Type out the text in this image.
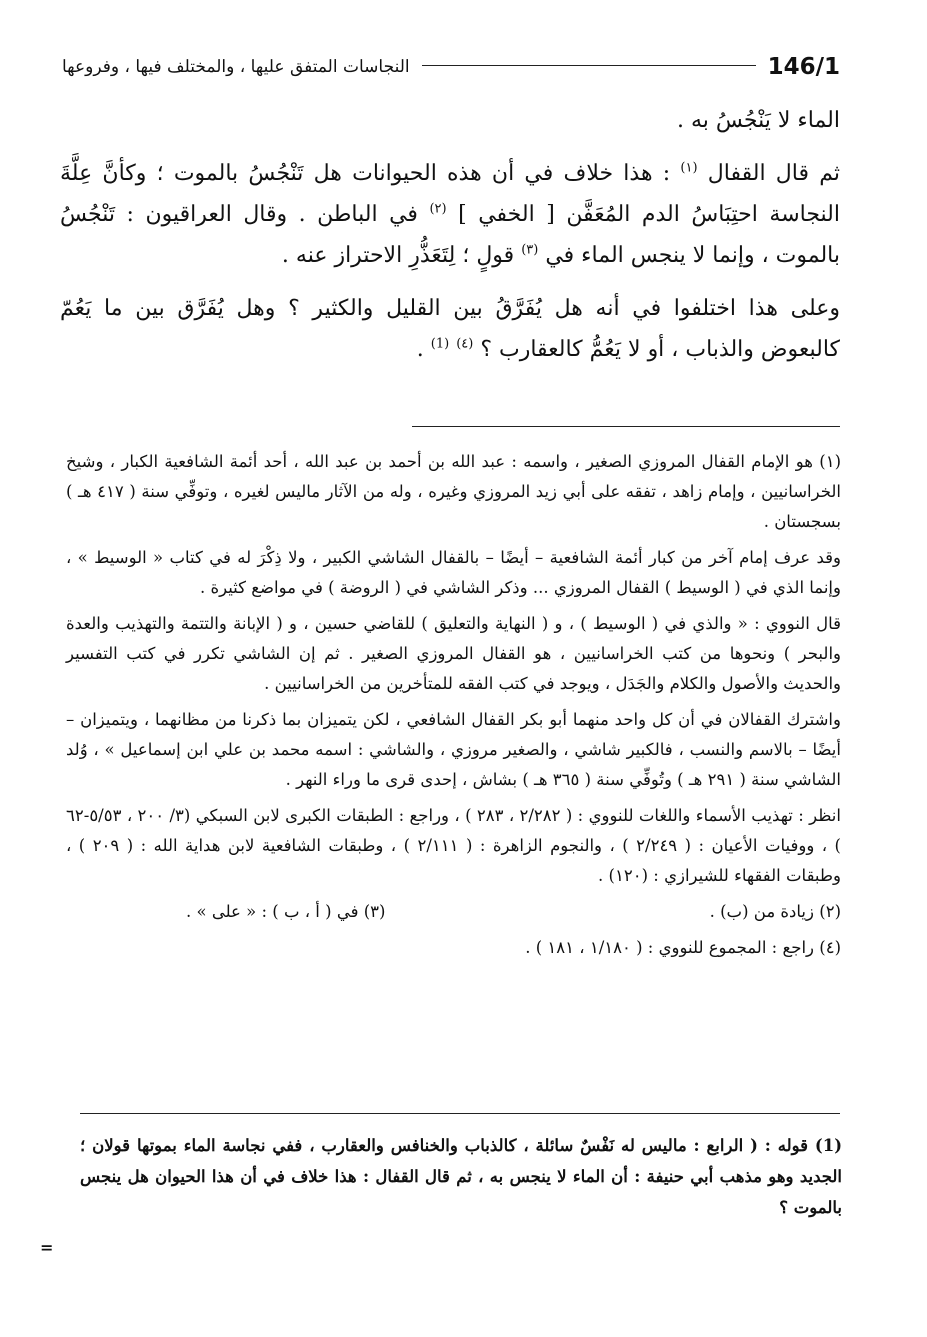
النجاسات المتفق عليها ، والمختلف فيها ، وفروعها	146/1

الماء لا يَنْجُسُ به .

ثم قال القفال $^{(١)}$ : هذا خلاف في أن هذه الحيوانات هل تَنْجُسُ بالموت ؛ وكأنَّ عِلَّةَ النجاسة احتِبَاسُ الدم المُعَفَّن [ الخفي ] $^{(٢)}$ في الباطن . وقال العراقيون : تَنْجُسُ بالموت ، وإنما لا ينجس الماء في $^{(٣)}$ قولٍ ؛ لِتَعَذُّرِ الاحتراز عنه .

وعلى هذا اختلفوا في أنه هل يُفَرَّقُ بين القليل والكثير ؟ وهل يُفَرَّق بين ما يَعُمّ كالبعوض والذباب ، أو لا يَعُمُّ كالعقارب ؟ $^{(٤)}$ $^{(1)}$ .

(١) هو الإمام القفال المروزي الصغير ، واسمه : عبد الله بن أحمد بن عبد الله ، أحد أئمة الشافعية الكبار ، وشيخ الخراسانيين ، وإمام زاهد ، تفقه على أبي زيد المروزي وغيره ، وله من الآثار ماليس لغيره ، وتوفِّي سنة ( ٤١٧ هـ ) بسجستان .

وقد عرف إمام آخر من كبار أئمة الشافعية – أيضًا – بالقفال الشاشي الكبير ، ولا ذِكْرَ له في كتاب « الوسيط » ، وإنما الذي في ( الوسيط ) القفال المروزي ... وذكر الشاشي في ( الروضة ) في مواضع كثيرة .

قال النووي : « والذي في ( الوسيط ) ، و ( النهاية والتعليق ) للقاضي حسين ، و ( الإبانة والتتمة والتهذيب والعدة والبحر ) ونحوها من كتب الخراسانيين ، هو القفال المروزي الصغير . ثم إن الشاشي تكرر في كتب التفسير والحديث والأصول والكلام والجَدَل ، ويوجد في كتب الفقه للمتأخرين من الخراسانيين .

واشترك القفالان في أن كل واحد منهما أبو بكر القفال الشافعي ، لكن يتميزان بما ذكرنا من مظانهما ، ويتميزان – أيضًا – بالاسم والنسب ، فالكبير شاشي ، والصغير مروزي ، والشاشي : اسمه محمد بن علي ابن إسماعيل » ، وُلد الشاشي سنة ( ٢٩١ هـ ) وتُوفِّي سنة ( ٣٦٥ هـ ) بشاش ، إحدى قرى ما وراء النهر .

انظر : تهذيب الأسماء واللغات للنووي : ( ٢/٢٨٢ ، ٢٨٣ ) ، وراجع : الطبقات الكبرى لابن السبكي (٣/ ٢٠٠ ، ٥/٥٣-٦٢ ) ، ووفيات الأعيان : ( ٢/٢٤٩ ) ، والنجوم الزاهرة : ( ٢/١١١ ) ، وطبقات الشافعية لابن هداية الله : ( ٢٠٩ ) ، وطبقات الفقهاء للشيرازي : (١٢٠) .

(٢) زيادة من (ب) .
(٣) في ( أ ، ب ) : « على » .

(٤) راجع : المجموع للنووي : ( ١/١٨٠ ، ١٨١ ) .

(1) قوله : ( الرابع : ماليس له نَفْسٌ سائلة ، كالذباب والخنافس والعقارب ، ففي نجاسة الماء بموتها قولان ؛ الجديد وهو مذهب أبي حنيفة : أن الماء لا ينجس به ، ثم قال القفال : هذا خلاف في أن هذا الحيوان هل ينجس بالموت ؟

=
